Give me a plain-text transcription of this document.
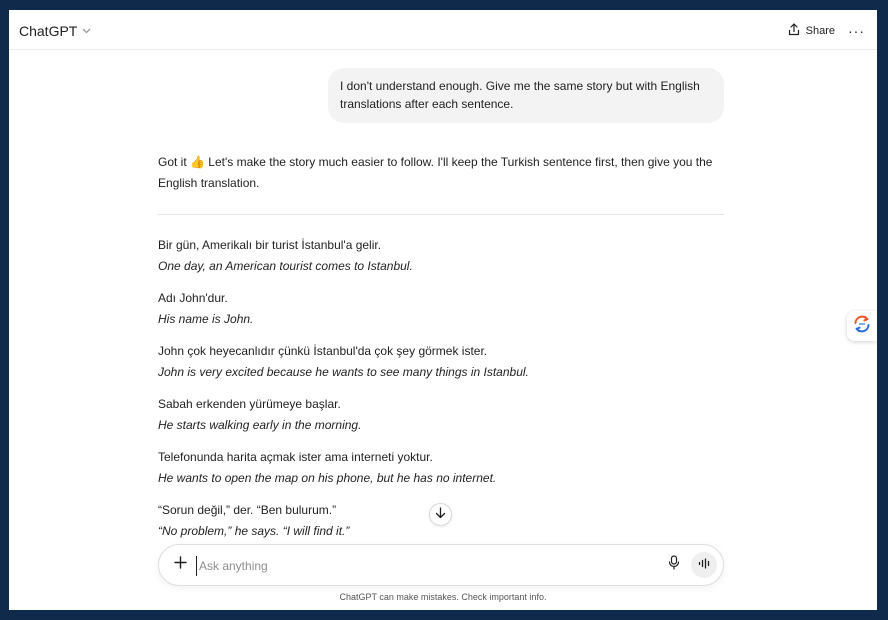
ChatGPT	Share ···
I don't understand enough. Give me the same story but with English translations after each sentence.

Got it 👍 Let's make the story much easier to follow. I'll keep the Turkish sentence first, then give you the English translation.

Bir gün, Amerikalı bir turist İstanbul'a gelir.
One day, an American tourist comes to Istanbul.
Adı John'dur.
His name is John.
John çok heyecanlıdır çünkü İstanbul'da çok şey görmek ister.
John is very excited because he wants to see many things in Istanbul.
Sabah erkenden yürümeye başlar.
He starts walking early in the morning.
Telefonunda harita açmak ister ama interneti yoktur.
He wants to open the map on his phone, but he has no internet.
“Sorun değil,” der. “Ben bulurum.”
“No problem,” he says. “I will find it.”
Ask anything
ChatGPT can make mistakes. Check important info.
